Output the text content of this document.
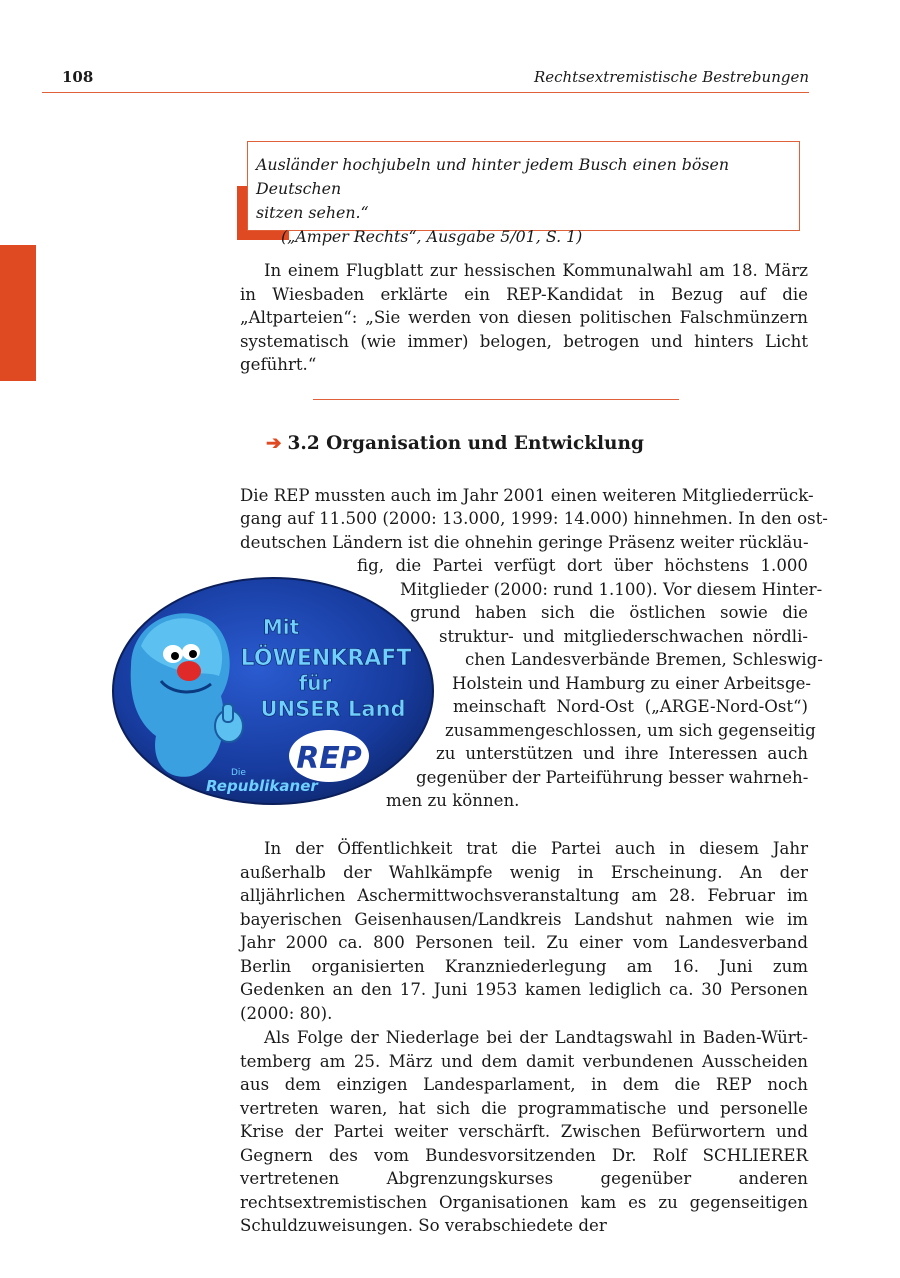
108	Rechtsextremistische Bestrebungen
Ausländer hochjubeln und hinter jedem Busch einen bösen Deutschen
sitzen sehen.“

(„Amper Rechts“, Ausgabe 5/01, S. 1)

In einem Flugblatt zur hessischen Kommunalwahl am 18. März in Wiesbaden erklärte ein REP-Kandidat in Bezug auf die „Altparteien“: „Sie werden von diesen politischen Falschmünzern systematisch (wie immer) belogen, betrogen und hinters Licht geführt.“

➔ 3.2 Organisation und Entwicklung
Die REP mussten auch im Jahr 2001 einen weiteren Mitgliederrück-
gang auf 11.500 (2000: 13.000, 1999: 14.000) hinnehmen. In den ost-
deutschen Ländern ist die ohnehin geringe Präsenz weiter rückläu-
fig, die Partei verfügt dort über höchstens 1.000
Mitglieder (2000: rund 1.100). Vor diesem Hinter-
grund haben sich die östlichen sowie die
struktur- und mitgliederschwachen nördli-
chen Landesverbände Bremen, Schleswig-
Holstein und Hamburg zu einer Arbeitsge-
meinschaft Nord-Ost („ARGE-Nord-Ost“)
zusammengeschlossen, um sich gegenseitig
zu unterstützen und ihre Interessen auch
gegenüber der Parteiführung besser wahrneh-
men zu können.
Mit
LÖWENKRAFT
für
UNSER Land
REP
Die
Republikaner

In der Öffentlichkeit trat die Partei auch in diesem Jahr außerhalb der Wahlkämpfe wenig in Erscheinung. An der alljährlichen Aschermittwochsveranstaltung am 28. Februar im bayerischen Geisenhausen/Landkreis Landshut nahmen wie im Jahr 2000 ca. 800 Personen teil. Zu einer vom Landesverband Berlin organisierten Kranzniederlegung am 16. Juni zum Gedenken an den 17. Juni 1953 kamen lediglich ca. 30 Personen (2000: 80).

Als Folge der Niederlage bei der Landtagswahl in Baden-Württemberg am 25. März und dem damit verbundenen Ausscheiden aus dem einzigen Landesparlament, in dem die REP noch vertreten waren, hat sich die programmatische und personelle Krise der Partei weiter verschärft. Zwischen Befürwortern und Gegnern des vom Bundesvorsitzenden Dr. Rolf SCHLIERER vertretenen Abgrenzungskurses gegenüber anderen rechtsextremistischen Organisationen kam es zu gegenseitigen Schuldzuweisungen. So verabschiedete der
